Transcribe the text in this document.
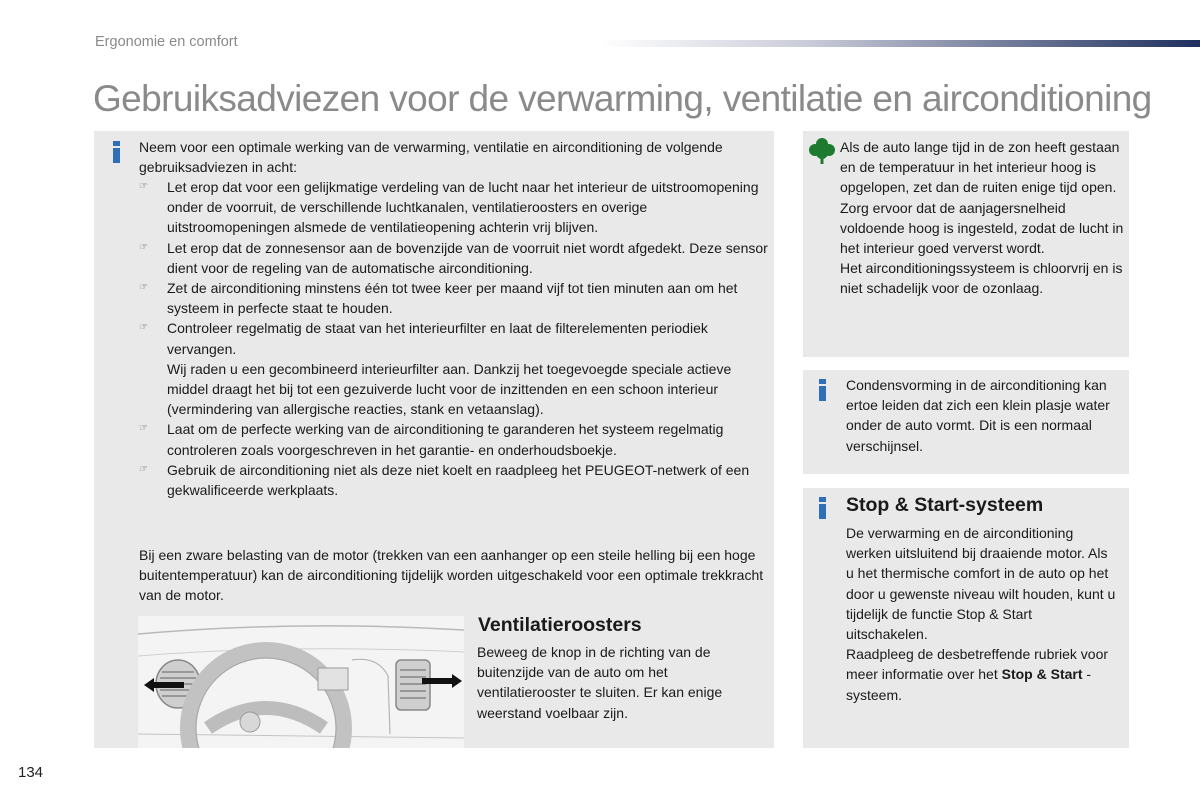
Ergonomie en comfort
Gebruiksadviezen voor de verwarming, ventilatie en airconditioning
Neem voor een optimale werking van de verwarming, ventilatie en airconditioning de volgende gebruiksadviezen in acht:
☞ Let erop dat voor een gelijkmatige verdeling van de lucht naar het interieur de uitstroomopening onder de voorruit, de verschillende luchtkanalen, ventilatieroosters en overige uitstroomopeningen alsmede de ventilatieopening achterin vrij blijven.
☞ Let erop dat de zonnesensor aan de bovenzijde van de voorruit niet wordt afgedekt. Deze sensor dient voor de regeling van de automatische airconditioning.
☞ Zet de airconditioning minstens één tot twee keer per maand vijf tot tien minuten aan om het systeem in perfecte staat te houden.
☞ Controleer regelmatig de staat van het interieurfilter en laat de filterelementen periodiek vervangen.
Wij raden u een gecombineerd interieurfilter aan. Dankzij het toegevoegde speciale actieve middel draagt het bij tot een gezuiverde lucht voor de inzittenden en een schoon interieur (vermindering van allergische reacties, stank en vetaanslag).
☞ Laat om de perfecte werking van de airconditioning te garanderen het systeem regelmatig controleren zoals voorgeschreven in het garantie- en onderhoudsboekje.
☞ Gebruik de airconditioning niet als deze niet koelt en raadpleeg het PEUGEOT-netwerk of een gekwalificeerde werkplaats.
Bij een zware belasting van de motor (trekken van een aanhanger op een steile helling bij een hoge buitentemperatuur) kan de airconditioning tijdelijk worden uitgeschakeld voor een optimale trekkracht van de motor.
Ventilatieroosters
Beweeg de knop in de richting van de buitenzijde van de auto om het ventilatierooster te sluiten. Er kan enige weerstand voelbaar zijn.
Als de auto lange tijd in de zon heeft gestaan en de temperatuur in het interieur hoog is opgelopen, zet dan de ruiten enige tijd open.
Zorg ervoor dat de aanjagersnelheid voldoende hoog is ingesteld, zodat de lucht in het interieur goed ververst wordt.
Het airconditioningssysteem is chloorvrij en is niet schadelijk voor de ozonlaag.
Condensvorming in de airconditioning kan ertoe leiden dat zich een klein plasje water onder de auto vormt. Dit is een normaal verschijnsel.
Stop & Start-systeem
De verwarming en de airconditioning werken uitsluitend bij draaiende motor. Als u het thermische comfort in de auto op het door u gewenste niveau wilt houden, kunt u tijdelijk de functie Stop & Start uitschakelen.
Raadpleeg de desbetreffende rubriek voor meer informatie over het Stop & Start -systeem.
134
